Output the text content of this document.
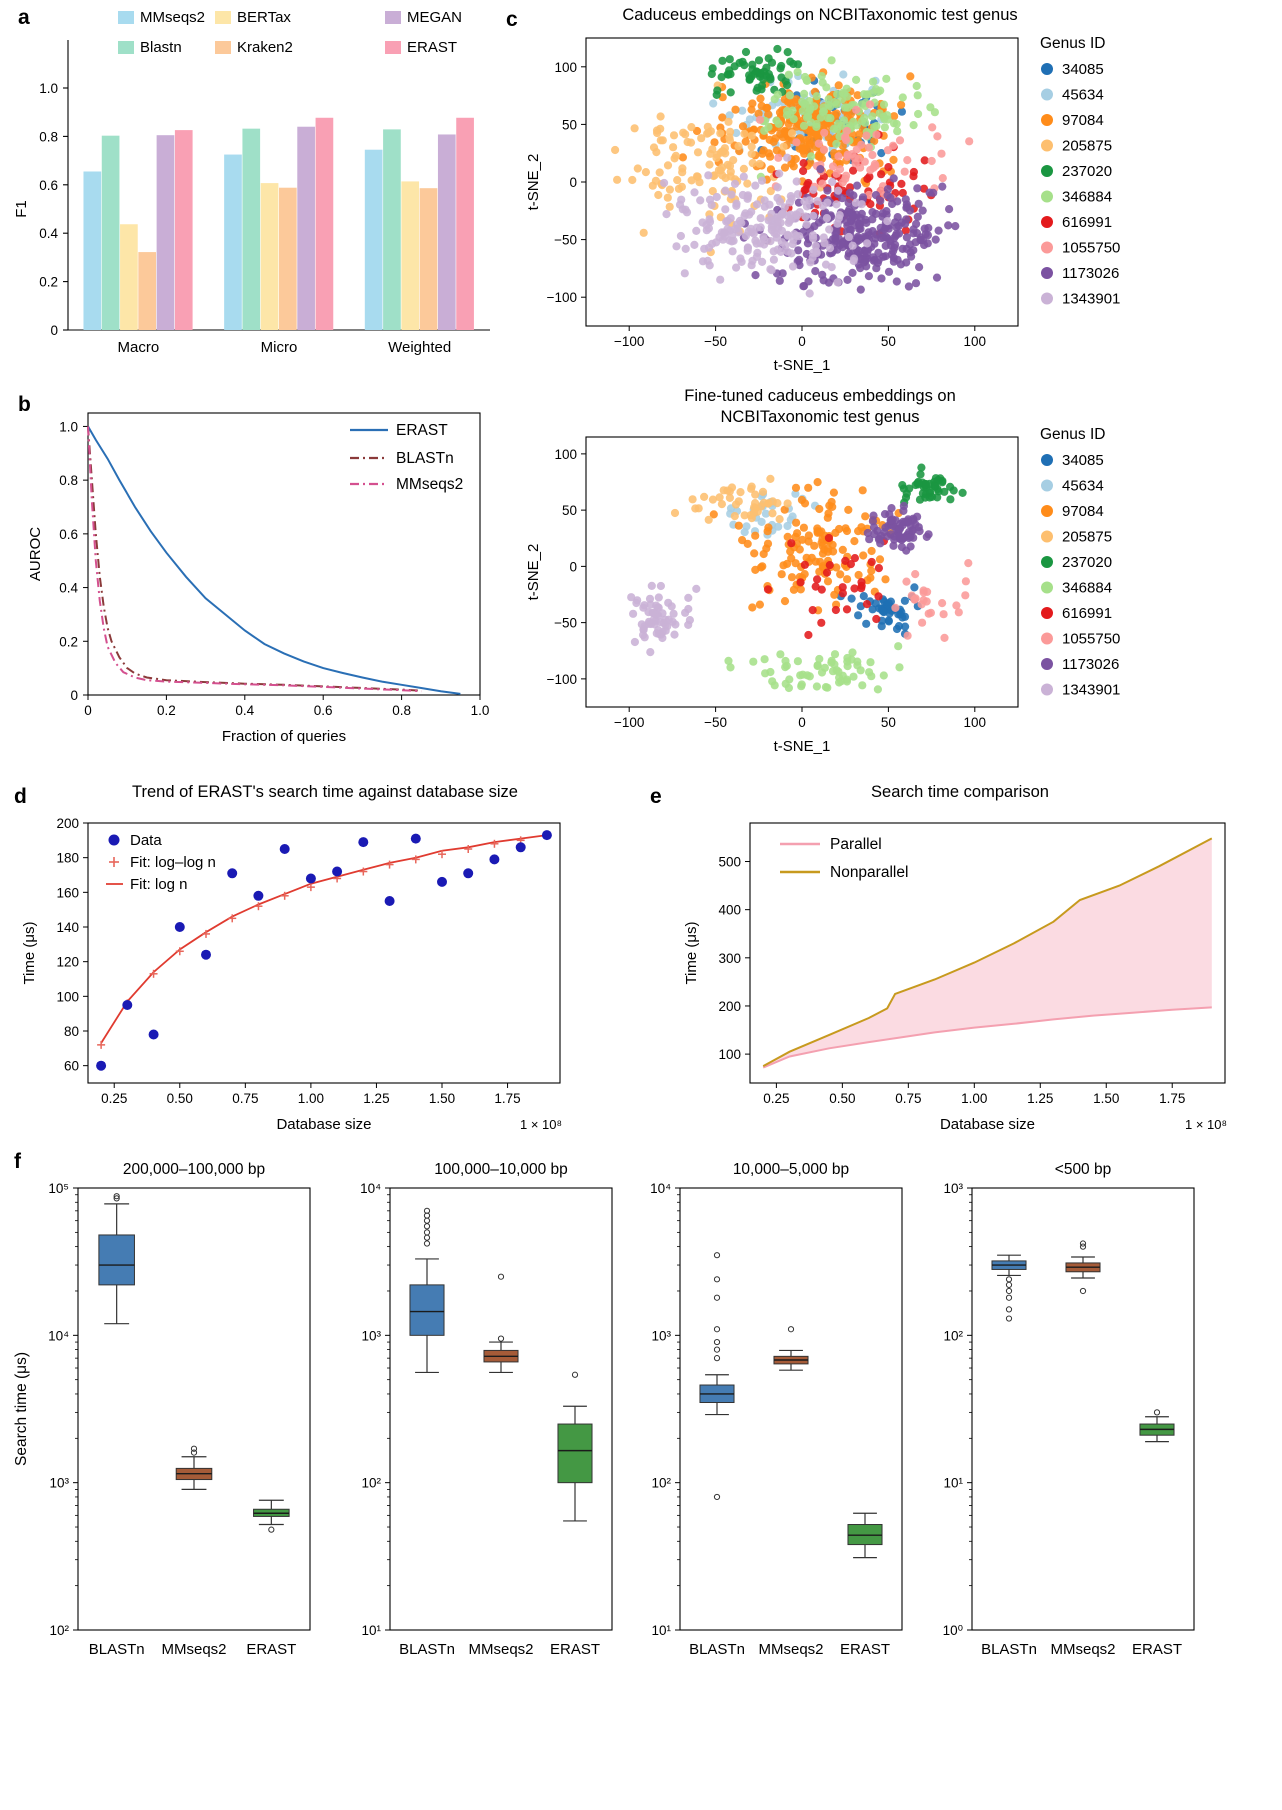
a
0
0.2
0.4
0.6
0.8
1.0
F1
Macro	Micro	Weighted
MMseqs2
Blastn
BERTax
Kraken2
MEGAN
ERAST
b
0	0.2	0.4	0.6	0.8	1.0
0
0.2
0.4
0.6
0.8
1.0
Fraction of queries
AUROC
ERAST
BLASTn
MMseqs2
c	Caduceus embeddings on NCBITaxonomic test genus
−100	−50	0	50	100
−100
−50
0
50
100
t-SNE_1
t-SNE_2
Genus ID
34085
45634
97084
205875
237020
346884
616991
1055750
1173026
1343901
Fine-tuned caduceus embeddings on
NCBITaxonomic test genus
−100	−50	0	50	100
−100
−50
0
50
100
t-SNE_1
t-SNE_2
Genus ID
34085
45634
97084
205875
237020
346884
616991
1055750
1173026
1343901
d	Trend of ERAST's search time against database size
0.25	0.50	0.75	1.00	1.25	1.50	1.75
60
80
100
120
140
160
180
200
Database size	1 × 10⁸
Time (μs)
Data
Fit: log–log n
Fit: log n
e	Search time comparison
0.25	0.50	0.75	1.00	1.25	1.50	1.75
100
200
300
400
500
Database size	1 × 10⁸
Time (μs)
Parallel
Nonparallel
f
Search time (μs)
200,000–100,000 bp
10²
10³
10⁴
10⁵
BLASTn MMseqs2 ERAST
100,000–10,000 bp
10¹
10²
10³
10⁴
BLASTn MMseqs2 ERAST
10,000–5,000 bp
10¹
10²
10³
10⁴
BLASTn MMseqs2 ERAST
<500 bp
10⁰
10¹
10²
10³
BLASTn MMseqs2 ERAST
